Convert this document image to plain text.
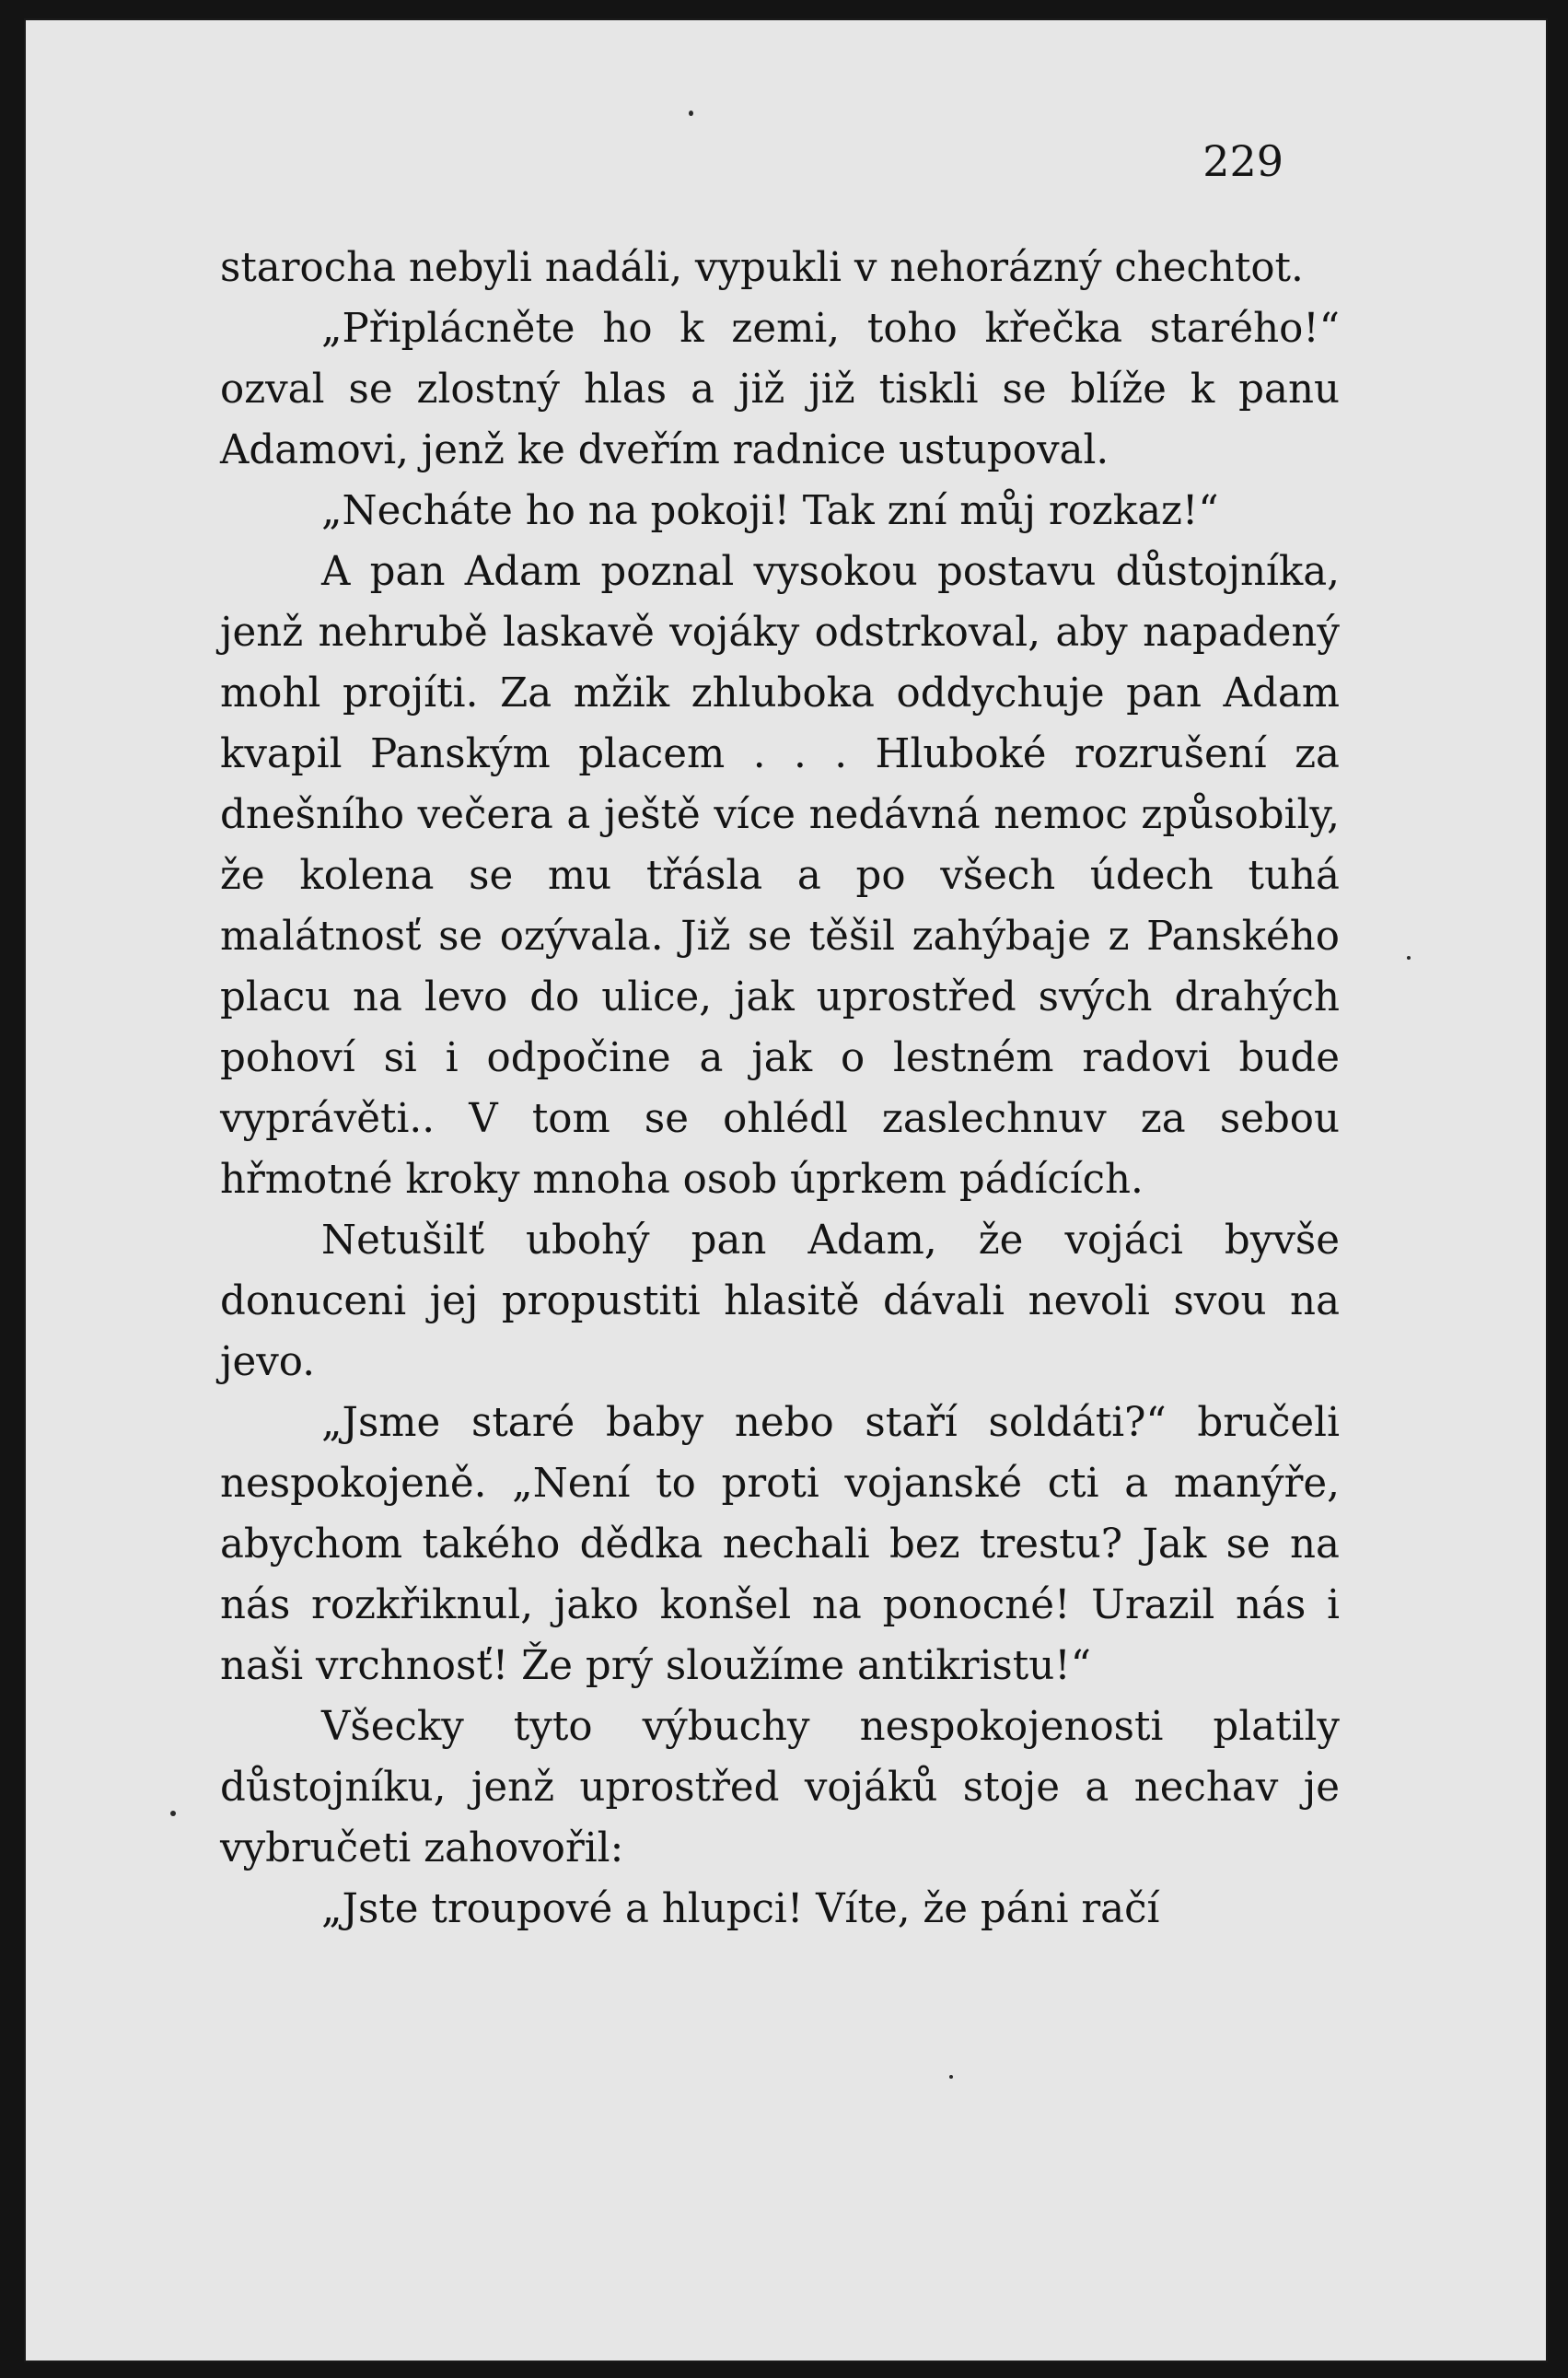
229

starocha nebyli nadáli, vypukli v nehorázný chechtot.

„Připlácněte ho k zemi, toho křečka starého!“ ozval se zlostný hlas a již již tiskli se blíže k panu Adamovi, jenž ke dveřím radnice ustupoval.

„Necháte ho na pokoji! Tak zní můj rozkaz!“

A pan Adam poznal vysokou postavu důstojníka, jenž nehrubě laskavě vojáky odstrkoval, aby napadený mohl projíti. Za mžik zhluboka oddychuje pan Adam kvapil Panským placem . . . Hluboké rozrušení za dnešního večera a ještě více nedávná nemoc způsobily, že kolena se mu třásla a po všech údech tuhá malátnosť se ozývala. Již se těšil zahýbaje z Panského placu na levo do ulice, jak uprostřed svých drahých pohoví si i odpočine a jak o lestném radovi bude vyprávěti.. V tom se ohlédl zaslechnuv za sebou hřmotné kroky mnoha osob úprkem pádících.

Netušilť ubohý pan Adam, že vojáci byvše donuceni jej propustiti hlasitě dávali nevoli svou na jevo.

„Jsme staré baby nebo staří soldáti?“ bručeli nespokojeně. „Není to proti vojanské cti a manýře, abychom takého dědka nechali bez trestu? Jak se na nás rozkřiknul, jako konšel na ponocné! Urazil nás i naši vrchnosť! Že prý sloužíme antikristu!“

Všecky tyto výbuchy nespokojenosti platily důstojníku, jenž uprostřed vojáků stoje a nechav je vybručeti zahovořil:

„Jste troupové a hlupci! Víte, že páni račí
